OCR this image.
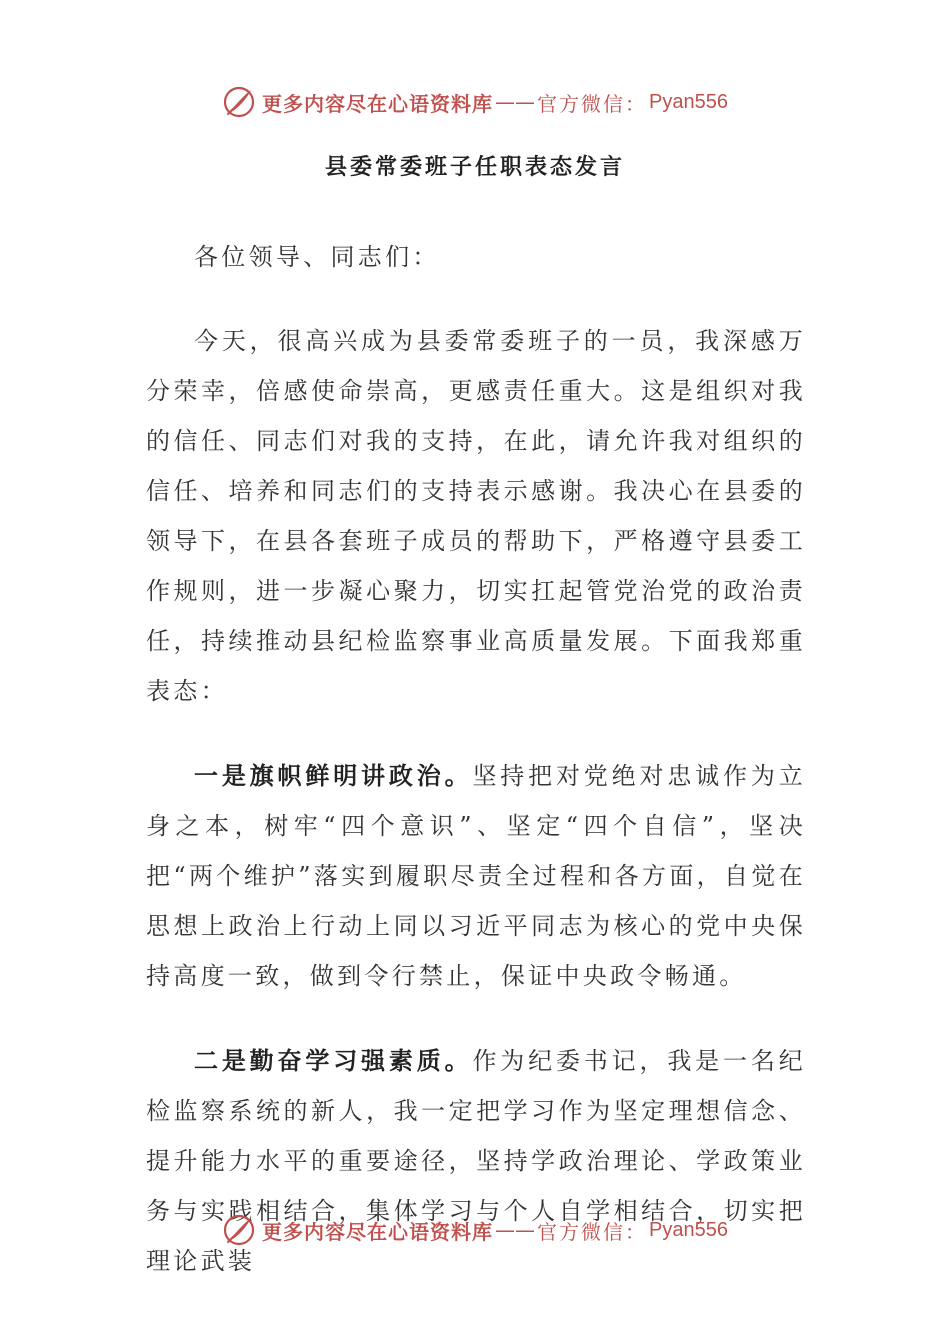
更多内容尽在心语资料库 —— 官方微信： Pyan556
县委常委班子任职表态发言

各位领导、同志们：

今天，很高兴成为县委常委班子的一员，我深感万分荣幸，倍感使命崇高，更感责任重大。这是组织对我的信任、同志们对我的支持，在此，请允许我对组织的信任、培养和同志们的支持表示感谢。我决心在县委的领导下，在县各套班子成员的帮助下，严格遵守县委工作规则，进一步凝心聚力，切实扛起管党治党的政治责任，持续推动县纪检监察事业高质量发展。下面我郑重表态：

一是旗帜鲜明讲政治。坚持把对党绝对忠诚作为立身之本，树牢“四个意识”、坚定“四个自信”，坚决把“两个维护”落实到履职尽责全过程和各方面，自觉在思想上政治上行动上同以习近平同志为核心的党中央保持高度一致，做到令行禁止，保证中央政令畅通。

二是勤奋学习强素质。作为纪委书记，我是一名纪检监察系统的新人，我一定把学习作为坚定理想信念、提升能力水平的重要途径，坚持学政治理论、学政策业务与实践相结合，集体学习与个人自学相结合，切实把理论武装

更多内容尽在心语资料库 —— 官方微信： Pyan556
